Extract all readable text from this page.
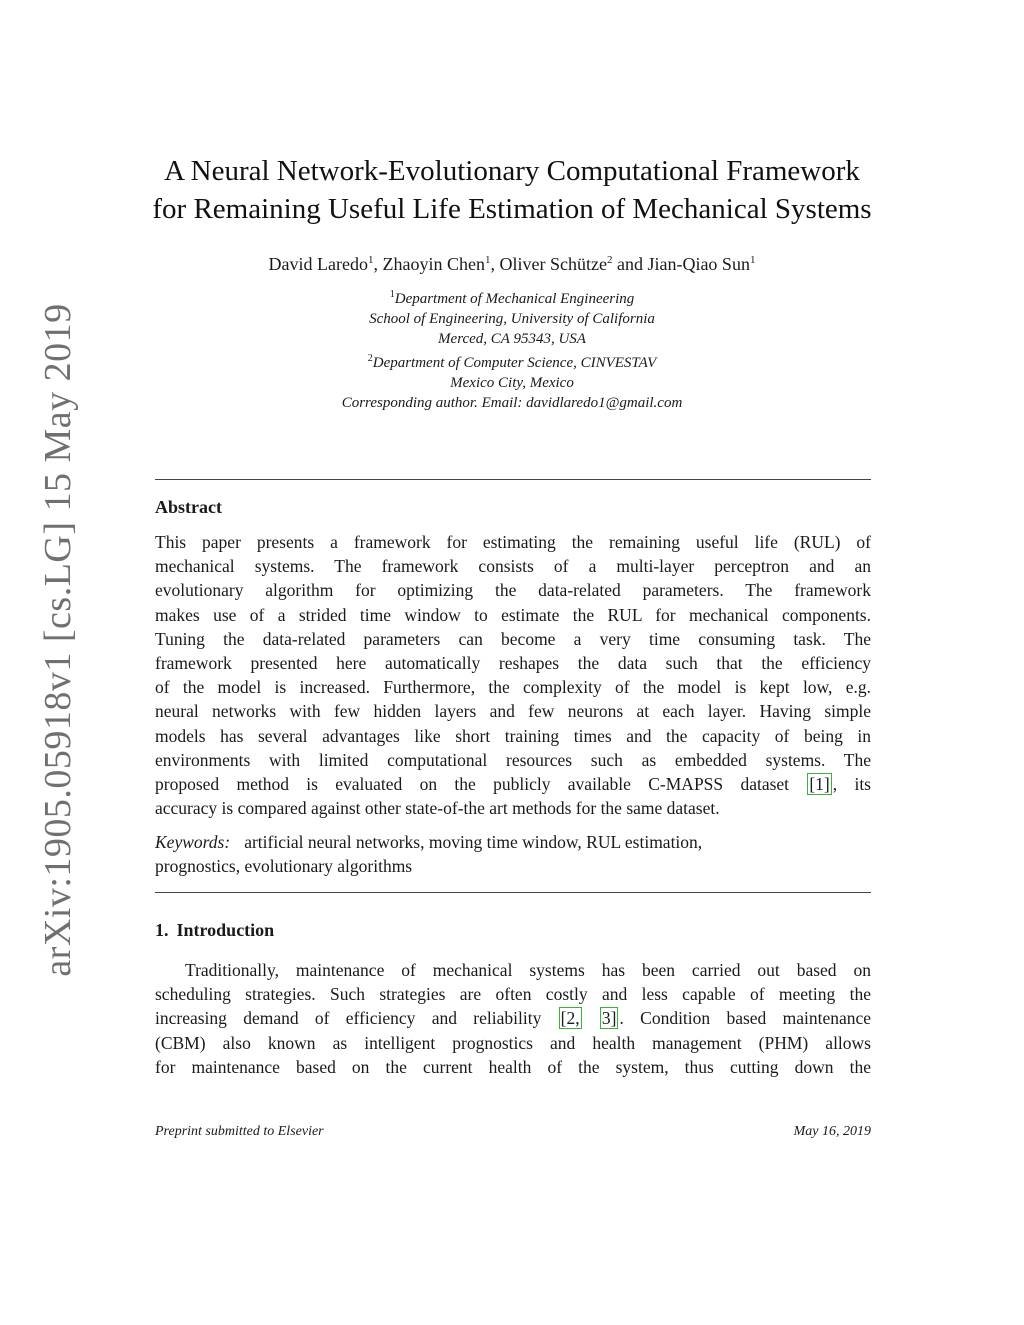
arXiv:1905.05918v1 [cs.LG] 15 May 2019
A Neural Network-Evolutionary Computational Framework
for Remaining Useful Life Estimation of Mechanical Systems
David Laredo$^1$, Zhaoyin Chen$^1$, Oliver Schütze$^2$ and Jian-Qiao Sun$^1$
$^1$Department of Mechanical Engineering
School of Engineering, University of California
Merced, CA 95343, USA
$^2$Department of Computer Science, CINVESTAV
Mexico City, Mexico
Corresponding author. Email: davidlaredo1@gmail.com
Abstract
This paper presents a framework for estimating the remaining useful life (RUL) of
mechanical systems. The framework consists of a multi-layer perceptron and an
evolutionary algorithm for optimizing the data-related parameters. The framework
makes use of a strided time window to estimate the RUL for mechanical components.
Tuning the data-related parameters can become a very time consuming task. The
framework presented here automatically reshapes the data such that the efficiency
of the model is increased. Furthermore, the complexity of the model is kept low, e.g.
neural networks with few hidden layers and few neurons at each layer. Having simple
models has several advantages like short training times and the capacity of being in
environments with limited computational resources such as embedded systems. The
proposed method is evaluated on the publicly available C-MAPSS dataset [1] , its
accuracy is compared against other state-of-the art methods for the same dataset.
Keywords: artificial neural networks, moving time window, RUL estimation,
prognostics, evolutionary algorithms
1. Introduction
Traditionally, maintenance of mechanical systems has been carried out based on
scheduling strategies. Such strategies are often costly and less capable of meeting the
increasing demand of efficiency and reliability [2, 3] . Condition based maintenance
(CBM) also known as intelligent prognostics and health management (PHM) allows
for maintenance based on the current health of the system, thus cutting down the
Preprint submitted to Elsevier	May 16, 2019
